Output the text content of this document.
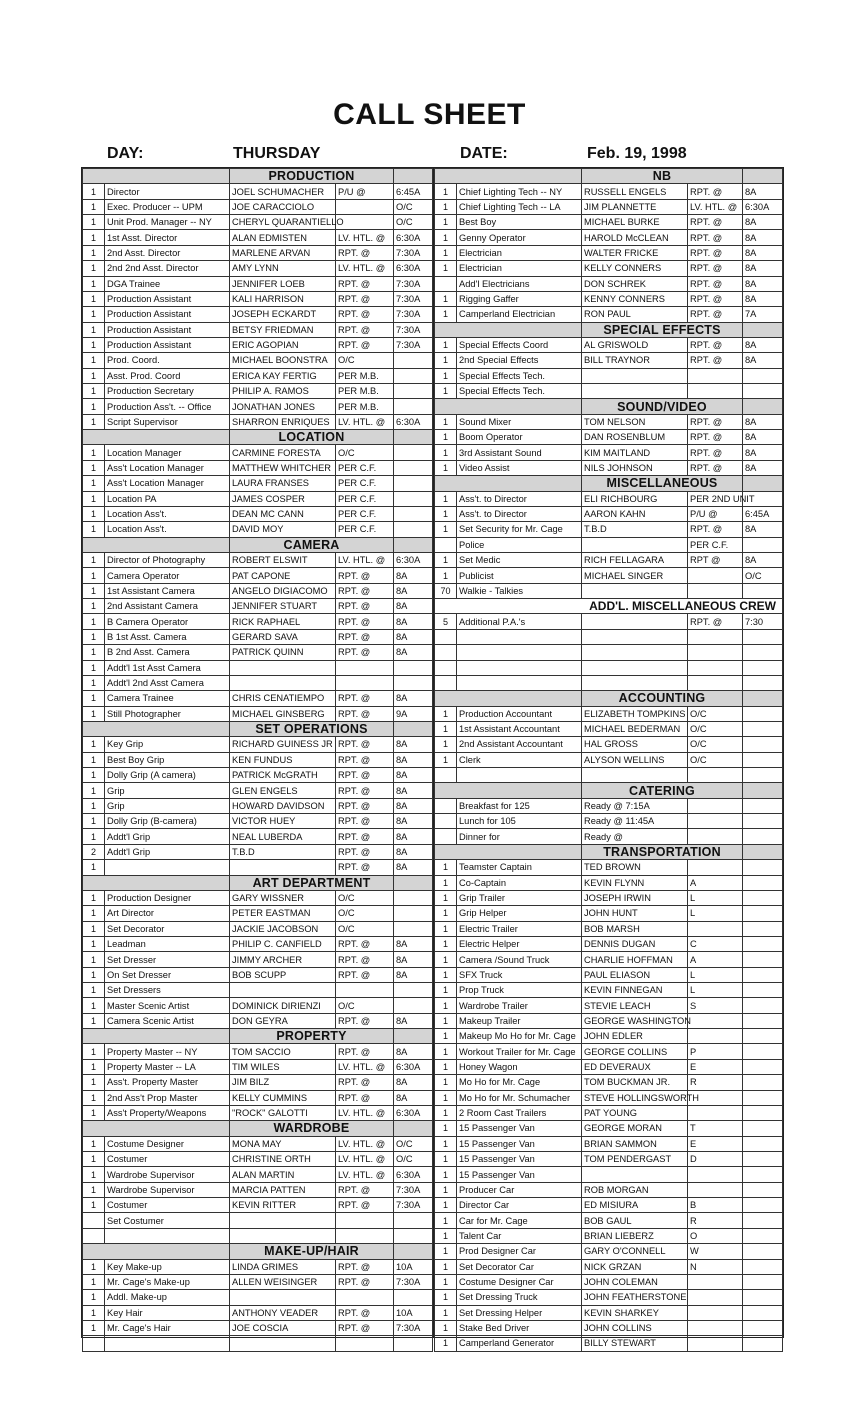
CALL SHEET
DAY:	THURSDAY	DATE:	Feb. 19, 1998
		PRODUCTION		
1	Director	JOEL SCHUMACHER	P/U @	6:45A
1	Exec. Producer -- UPM	JOE CARACCIOLO		O/C
1	Unit Prod. Manager -- NY	CHERYL QUARANTIELLO		O/C
1	1st Asst. Director	ALAN EDMISTEN	LV. HTL. @	6:30A
1	2nd Asst. Director	MARLENE ARVAN	RPT. @	7:30A
1	2nd 2nd Asst. Director	AMY LYNN	LV. HTL. @	6:30A
1	DGA Trainee	JENNIFER LOEB	RPT. @	7:30A
1	Production Assistant	KALI HARRISON	RPT. @	7:30A
1	Production Assistant	JOSEPH ECKARDT	RPT. @	7:30A
1	Production Assistant	BETSY FRIEDMAN	RPT. @	7:30A
1	Production Assistant	ERIC AGOPIAN	RPT. @	7:30A
1	Prod. Coord.	MICHAEL BOONSTRA	O/C	
1	Asst. Prod. Coord	ERICA KAY FERTIG	PER M.B.	
1	Production Secretary	PHILIP A. RAMOS	PER M.B.	
1	Production Ass't. -- Office	JONATHAN JONES	PER M.B.	
1	Script Supervisor	SHARRON ENRIQUES	LV. HTL. @	6:30A
		LOCATION		
1	Location Manager	CARMINE FORESTA	O/C	
1	Ass't Location Manager	MATTHEW WHITCHER	PER C.F.	
1	Ass't Location Manager	LAURA FRANSES	PER C.F.	
1	Location PA	JAMES COSPER	PER C.F.	
1	Location Ass't.	DEAN MC CANN	PER C.F.	
1	Location Ass't.	DAVID MOY	PER C.F.	
		CAMERA		
1	Director of Photography	ROBERT ELSWIT	LV. HTL. @	6:30A
1	Camera Operator	PAT CAPONE	RPT. @	8A
1	1st Assistant Camera	ANGELO DIGIACOMO	RPT. @	8A
1	2nd Assistant Camera	JENNIFER STUART	RPT. @	8A
1	B Camera Operator	RICK RAPHAEL	RPT. @	8A
1	B 1st Asst. Camera	GERARD SAVA	RPT. @	8A
1	B 2nd Asst. Camera	PATRICK QUINN	RPT. @	8A
1	Addt'l 1st Asst Camera			
1	Addt'l 2nd Asst Camera			
1	Camera Trainee	CHRIS CENATIEMPO	RPT. @	8A
1	Still Photographer	MICHAEL GINSBERG	RPT. @	9A
		SET OPERATIONS		
1	Key Grip	RICHARD GUINESS JR	RPT. @	8A
1	Best Boy Grip	KEN FUNDUS	RPT. @	8A
1	Dolly Grip (A camera)	PATRICK McGRATH	RPT. @	8A
1	Grip	GLEN ENGELS	RPT. @	8A
1	Grip	HOWARD DAVIDSON	RPT. @	8A
1	Dolly Grip (B-camera)	VICTOR HUEY	RPT. @	8A
1	Addt'l Grip	NEAL LUBERDA	RPT. @	8A
2	Addt'l Grip	T.B.D	RPT. @	8A
1			RPT. @	8A
		ART DEPARTMENT		
1	Production Designer	GARY WISSNER	O/C	
1	Art Director	PETER EASTMAN	O/C	
1	Set Decorator	JACKIE JACOBSON	O/C	
1	Leadman	PHILIP C. CANFIELD	RPT. @	8A
1	Set Dresser	JIMMY ARCHER	RPT. @	8A
1	On Set Dresser	BOB SCUPP	RPT. @	8A
1	Set Dressers			
1	Master Scenic Artist	DOMINICK DIRIENZI	O/C	
1	Camera Scenic Artist	DON GEYRA	RPT. @	8A
		PROPERTY		
1	Property Master -- NY	TOM SACCIO	RPT. @	8A
1	Property Master -- LA	TIM WILES	LV. HTL. @	6:30A
1	Ass't. Property Master	JIM BILZ	RPT. @	8A
1	2nd Ass't Prop Master	KELLY CUMMINS	RPT. @	8A
1	Ass't Property/Weapons	"ROCK" GALOTTI	LV. HTL. @	6:30A
		WARDROBE		
1	Costume Designer	MONA MAY	LV. HTL. @	O/C
1	Costumer	CHRISTINE ORTH	LV. HTL. @	O/C
1	Wardrobe Supervisor	ALAN MARTIN	LV. HTL. @	6:30A
1	Wardrobe Supervisor	MARCIA PATTEN	RPT. @	7:30A
1	Costumer	KEVIN RITTER	RPT. @	7:30A
	Set Costumer			

		MAKE-UP/HAIR		
1	Key Make-up	LINDA GRIMES	RPT. @	10A
1	Mr. Cage's Make-up	ALLEN WEISINGER	RPT. @	7:30A
1	Addl. Make-up			
1	Key Hair	ANTHONY VEADER	RPT. @	10A
1	Mr. Cage's Hair	JOE COSCIA	RPT. @	7:30A

		NB		
1	Chief Lighting Tech -- NY	RUSSELL ENGELS	RPT. @	8A
1	Chief Lighting Tech -- LA	JIM PLANNETTE	LV. HTL. @	6:30A
1	Best Boy	MICHAEL BURKE	RPT. @	8A
1	Genny Operator	HAROLD McCLEAN	RPT. @	8A
1	Electrician	WALTER FRICKE	RPT. @	8A
1	Electrician	KELLY CONNERS	RPT. @	8A
	Add'l Electricians	DON SCHREK	RPT. @	8A
1	Rigging Gaffer	KENNY CONNERS	RPT. @	8A
1	Camperland Electrician	RON PAUL	RPT. @	7A
		SPECIAL EFFECTS		
1	Special Effects Coord	AL GRISWOLD	RPT. @	8A
1	2nd Special Effects	BILL TRAYNOR	RPT. @	8A
1	Special Effects Tech.			
1	Special Effects Tech.			
		SOUND/VIDEO		
1	Sound Mixer	TOM NELSON	RPT. @	8A
1	Boom Operator	DAN ROSENBLUM	RPT. @	8A
1	3rd Assistant Sound	KIM MAITLAND	RPT. @	8A
1	Video Assist	NILS JOHNSON	RPT. @	8A
		MISCELLANEOUS		
1	Ass't. to Director	ELI RICHBOURG	PER 2ND UNIT	
1	Ass't. to Director	AARON KAHN	P/U @	6:45A
1	Set Security for Mr. Cage	T.B.D	RPT. @	8A
	Police		PER C.F.	
1	Set Medic	RICH FELLAGARA	RPT @	8A
1	Publicist	MICHAEL SINGER		O/C
70	Walkie - Talkies			
ADD'L. MISCELLANEOUS CREW				
5	Additional P.A.'s		RPT. @	7:30

		ACCOUNTING		
1	Production Accountant	ELIZABETH TOMPKINS	O/C	
1	1st Assistant Accountant	MICHAEL BEDERMAN	O/C	
1	2nd Assistant Accountant	HAL GROSS	O/C	
1	Clerk	ALYSON WELLINS	O/C	

		CATERING		
	Breakfast for 125	Ready @ 7:15A		
	Lunch for 105	Ready @ 11:45A		
	Dinner for	Ready @		
		TRANSPORTATION		
1	Teamster Captain	TED BROWN		
1	Co-Captain	KEVIN FLYNN	A	
1	Grip Trailer	JOSEPH IRWIN	L	
1	Grip Helper	JOHN HUNT	L	
1	Electric Trailer	BOB MARSH		
1	Electric Helper	DENNIS DUGAN	C	
1	Camera /Sound Truck	CHARLIE HOFFMAN	A	
1	SFX Truck	PAUL ELIASON	L	
1	Prop Truck	KEVIN FINNEGAN	L	
1	Wardrobe Trailer	STEVIE LEACH	S	
1	Makeup Trailer	GEORGE WASHINGTON		
1	Makeup Mo Ho for Mr. Cage	JOHN EDLER		
1	Workout Trailer for Mr. Cage	GEORGE COLLINS	P	
1	Honey Wagon	ED DEVERAUX	E	
1	Mo Ho for Mr. Cage	TOM BUCKMAN JR.	R	
1	Mo Ho for Mr. Schumacher	STEVE HOLLINGSWORTH		
1	2 Room Cast Trailers	PAT YOUNG		
1	15 Passenger Van	GEORGE MORAN	T	
1	15 Passenger Van	BRIAN SAMMON	E	
1	15 Passenger Van	TOM PENDERGAST	D	
1	15 Passenger Van			
1	Producer Car	ROB MORGAN		
1	Director Car	ED MISIURA	B	
1	Car for Mr. Cage	BOB GAUL	R	
1	Talent Car	BRIAN LIEBERZ	O	
1	Prod Designer Car	GARY O'CONNELL	W	
1	Set Decorator Car	NICK GRZAN	N	
1	Costume Designer Car	JOHN COLEMAN		
1	Set Dressing Truck	JOHN FEATHERSTONE		
1	Set Dressing Helper	KEVIN SHARKEY		
1	Stake Bed Driver	JOHN COLLINS		
1	Camperland Generator	BILLY STEWART		
